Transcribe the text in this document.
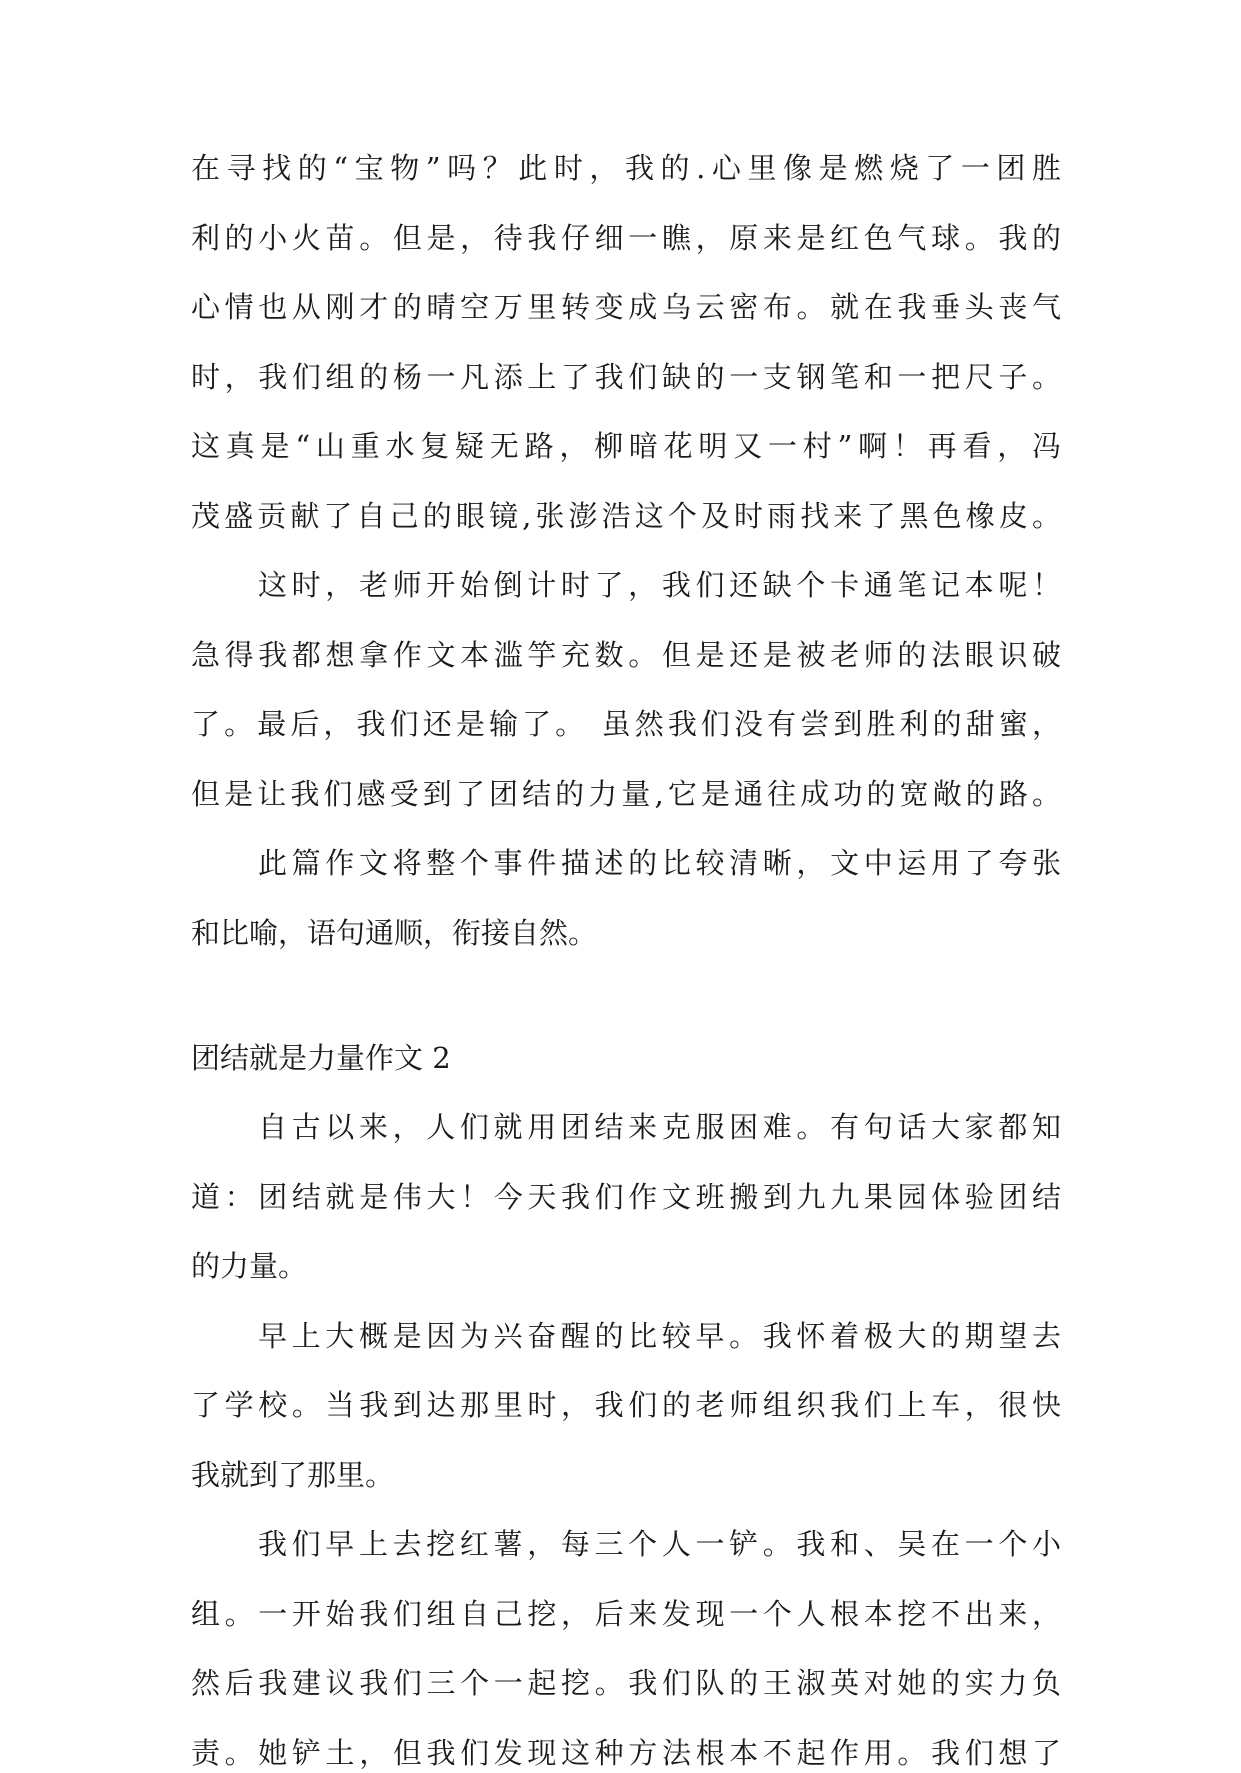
在寻找的“宝物”吗？此时，我的.心里像是燃烧了一团胜
利的小火苗。但是，待我仔细一瞧，原来是红色气球。我的
心情也从刚才的晴空万里转变成乌云密布。就在我垂头丧气
时，我们组的杨一凡添上了我们缺的一支钢笔和一把尺子。
这真是“山重水复疑无路，柳暗花明又一村”啊！再看，冯
茂盛贡献了自己的眼镜,张澎浩这个及时雨找来了黑色橡皮。
这时，老师开始倒计时了，我们还缺个卡通笔记本呢！
急得我都想拿作文本滥竽充数。但是还是被老师的法眼识破
了。最后，我们还是输了。 虽然我们没有尝到胜利的甜蜜，
但是让我们感受到了团结的力量,它是通往成功的宽敞的路。
此篇作文将整个事件描述的比较清晰，文中运用了夸张
和比喻，语句通顺，衔接自然。
团结就是力量作文 2
自古以来，人们就用团结来克服困难。有句话大家都知
道：团结就是伟大！今天我们作文班搬到九九果园体验团结
的力量。
早上大概是因为兴奋醒的比较早。我怀着极大的期望去
了学校。当我到达那里时，我们的老师组织我们上车，很快
我就到了那里。
我们早上去挖红薯，每三个人一铲。我和、吴在一个小
组。一开始我们组自己挖，后来发现一个人根本挖不出来，
然后我建议我们三个一起挖。我们队的王淑英对她的实力负
责。她铲土，但我们发现这种方法根本不起作用。我们想了
